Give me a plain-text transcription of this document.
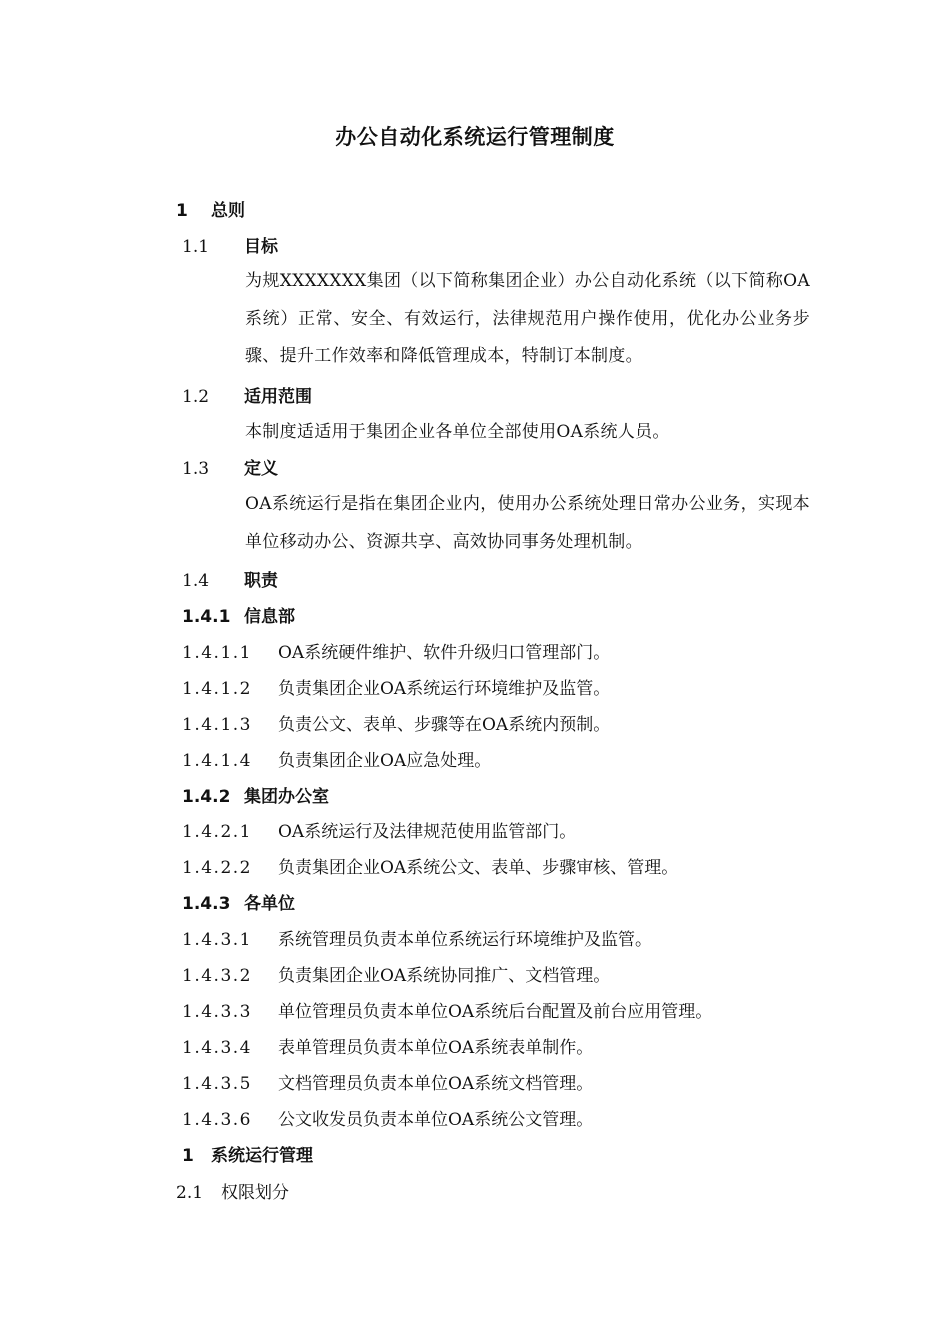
办公自动化系统运行管理制度
1 总则
1.1 目标
为规XXXXXXX集团（以下简称集团企业）办公自动化系统（以下简称OA系统）正常、安全、有效运行，法律规范用户操作使用，优化办公业务步骤、提升工作效率和降低管理成本，特制订本制度。
1.2 适用范围
本制度适适用于集团企业各单位全部使用OA系统人员。
1.3 定义
OA系统运行是指在集团企业内，使用办公系统处理日常办公业务，实现本单位移动办公、资源共享、高效协同事务处理机制。
1.4 职责
1.4.1 信息部
1.4.1.1 OA系统硬件维护、软件升级归口管理部门。
1.4.1.2 负责集团企业OA系统运行环境维护及监管。
1.4.1.3 负责公文、表单、步骤等在OA系统内预制。
1.4.1.4 负责集团企业OA应急处理。
1.4.2 集团办公室
1.4.2.1 OA系统运行及法律规范使用监管部门。
1.4.2.2 负责集团企业OA系统公文、表单、步骤审核、管理。
1.4.3 各单位
1.4.3.1 系统管理员负责本单位系统运行环境维护及监管。
1.4.3.2 负责集团企业OA系统协同推广、文档管理。
1.4.3.3 单位管理员负责本单位OA系统后台配置及前台应用管理。
1.4.3.4 表单管理员负责本单位OA系统表单制作。
1.4.3.5 文档管理员负责本单位OA系统文档管理。
1.4.3.6 公文收发员负责本单位OA系统公文管理。
1 系统运行管理
2.1 权限划分
